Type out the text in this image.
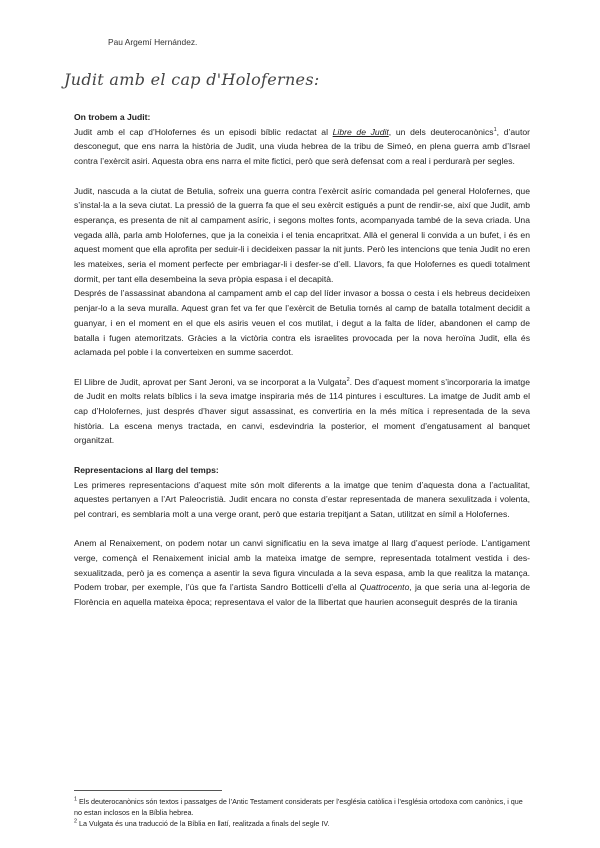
Pau Argemí Hernández.
Judit amb el cap d'Holofernes:

On trobem a Judit:

Judit amb el cap d’Holofernes és un episodi bíblic redactat al Libre de Judit, un dels deuterocanònics$^1$, d’autor desconegut, que ens narra la història de Judit, una viuda hebrea de la tribu de Simeó, en plena guerra amb d’Israel contra l’exèrcit asiri. Aquesta obra ens narra el mite fictici, però que serà defensat com a real i perdurarà per segles.

Judit, nascuda a la ciutat de Betulia, sofreix una guerra contra l’exèrcit asíric comandada pel general Holofernes, que s’instal·la a la seva ciutat. La pressió de la guerra fa que el seu exèrcit estigués a punt de rendir-se, així que Judit, amb esperança, es presenta de nit al campament asíric, i segons moltes fonts, acompanyada també de la seva criada. Una vegada allà, parla amb Holofernes, que ja la coneixia i el tenia encapritxat. Allà el general li convida a un bufet, i és en aquest moment que ella aprofita per seduir-li i decideixen passar la nit junts. Però les intencions que tenia Judit no eren les mateixes, seria el moment perfecte per embriagar-li i desfer-se d’ell. Llavors, fa que Holofernes es quedi totalment dormit, per tant ella desembeina la seva pròpia espasa i el decapità.

Després de l’assassinat abandona al campament amb el cap del líder invasor a bossa o cesta i els hebreus decideixen penjar-lo a la seva muralla. Aquest gran fet va fer que l’exèrcit de Betulia tornés al camp de batalla totalment decidit a guanyar, i en el moment en el que els asiris veuen el cos mutilat, i degut a la falta de líder, abandonen el camp de batalla i fugen atemoritzats. Gràcies a la victòria contra els israelites provocada per la nova heroïna Judit, ella és aclamada pel poble i la converteixen en summe sacerdot.

El Llibre de Judit, aprovat per Sant Jeroni, va se incorporat a la Vulgata$^2$. Des d’aquest moment s’incorporaria la imatge de Judit en molts relats bíblics i la seva imatge inspiraria més de 114 pintures i escultures. La imatge de Judit amb el cap d’Holofernes, just després d’haver sigut assassinat, es convertiria en la més mítica i representada de la seva història. La escena menys tractada, en canvi, esdevindria la posterior, el moment d’engatusament al banquet organitzat.

Representacions al llarg del temps:

Les primeres representacions d’aquest mite són molt diferents a la imatge que tenim d’aquesta dona a l’actualitat, aquestes pertanyen a l’Art Paleocristià. Judit encara no consta d’estar representada de manera sexulitzada i volenta, pel contrari, es semblaria molt a una verge orant, però que estaria trepitjant a Satan, utilitzat en símil a Holofernes.

Anem al Renaixement, on podem notar un canvi significatiu en la seva imatge al llarg d’aquest període. L’antigament verge, començà el Renaixement inicial amb la mateixa imatge de sempre, representada totalment vestida i des-sexualitzada, però ja es comença a asentir la seva figura vinculada a la seva espasa, amb la que realitza la matança. Podem trobar, per exemple, l’ús que fa l’artista Sandro Botticelli d’ella al Quattrocento, ja que seria una al·legoria de Florència en aquella mateixa època; representava el valor de la llibertat que haurien aconseguit després de la tirania

$^1$ Els deuterocanònics són textos i passatges de l’Antic Testament considerats per l’església catòlica i l’església ortodoxa com canònics, i que no estan inclosos en la Bíblia hebrea.

$^2$ La Vulgata és una traducció de la Bíblia en llatí, realitzada a finals del segle IV.
